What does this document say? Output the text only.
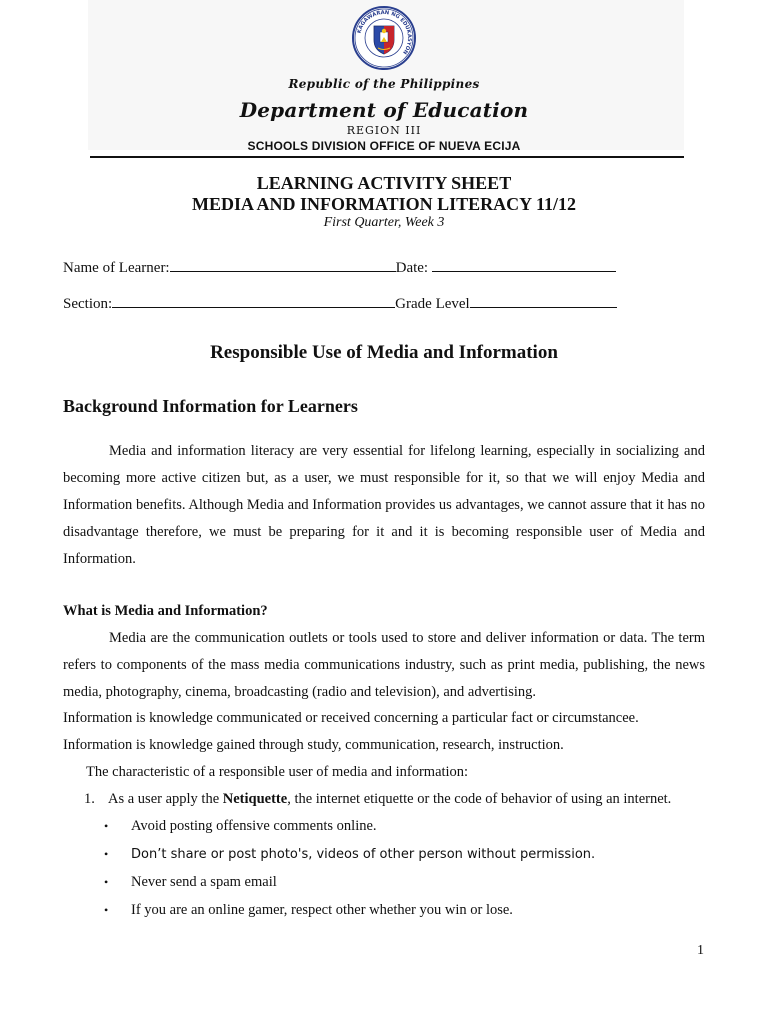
KAGAWARAN NG EDUKASYON
Republic of the Philippines
Department of Education
REGION III
SCHOOLS DIVISION OFFICE OF NUEVA ECIJA
LEARNING ACTIVITY SHEET
MEDIA AND INFORMATION LITERACY 11/12
First Quarter, Week 3
Name of Learner:	Date:
Section:	Grade Level
Responsible Use of Media and Information
Background Information for Learners

Media and information literacy are very essential for lifelong learning, especially in socializing and becoming more active citizen but, as a user, we must responsible for it, so that we will enjoy Media and Information benefits. Although Media and Information provides us advantages, we cannot assure that it has no disadvantage therefore, we must be preparing for it and it is becoming responsible user of Media and Information.

What is Media and Information?

Media are the communication outlets or tools used to store and deliver information or data. The term refers to components of the mass media communications industry, such as print media, publishing, the news media, photography, cinema, broadcasting (radio and television), and advertising.

Information is knowledge communicated or received concerning a particular fact or circumstancee.
Information is knowledge gained through study, communication, research, instruction.
The characteristic of a responsible user of media and information:
1. As a user apply the Netiquette, the internet etiquette or the code of behavior of using an internet.
• Avoid posting offensive comments online.
• Don’t share or post photo's, videos of other person without permission.
• Never send a spam email
• If you are an online gamer, respect other whether you win or lose.
1
